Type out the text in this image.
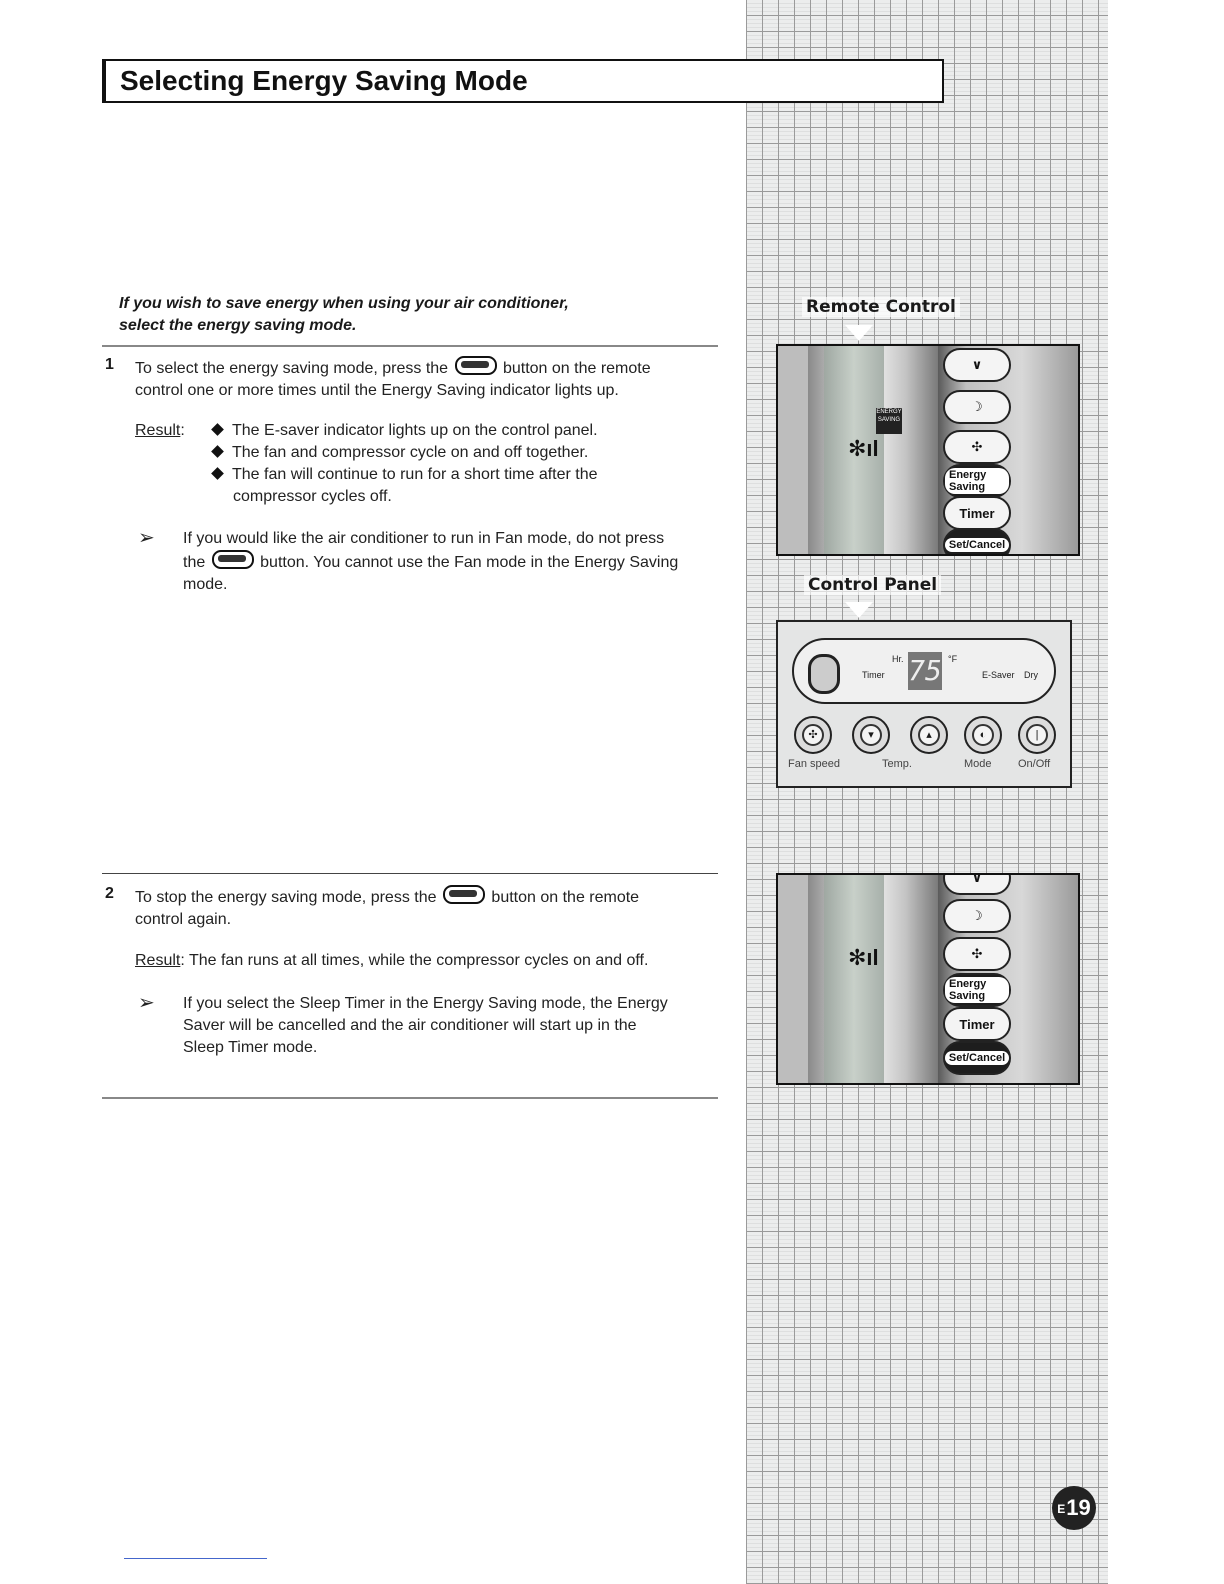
Selecting Energy Saving Mode
If you wish to save energy when using your air conditioner,
select the energy saving mode.
1 To select the energy saving mode, press the	button on the remote
control one or more times until the Energy Saving indicator lights up.
Result:	The E-saver indicator lights up on the control panel.
The fan and compressor cycle on and off together.
The fan will continue to run for a short time after the
compressor cycles off.
➢ If you would like the air conditioner to run in Fan mode, do not press
the	button. You cannot use the Fan mode in the Energy Saving
mode.
2 To stop the energy saving mode, press the	button on the remote
control again.
Result: The fan runs at all times, while the compressor cycles on and off.
➢ If you select the Sleep Timer in the Energy Saving mode, the Energy
Saver will be cancelled and the air conditioner will start up in the
Sleep Timer mode.
Remote Control
ENERGY SAVING
✻ıl
∨
☽
✣
Energy Saving
Timer
Set/Cancel
Control Panel
Timer
Hr. 75 °F
E-Saver Dry
✣	▾	▴	◐	|
Fan speed	Temp.	Mode On/Off
✻ıl
∨
☽
✣
Energy Saving
Timer
Set/Cancel
E19
